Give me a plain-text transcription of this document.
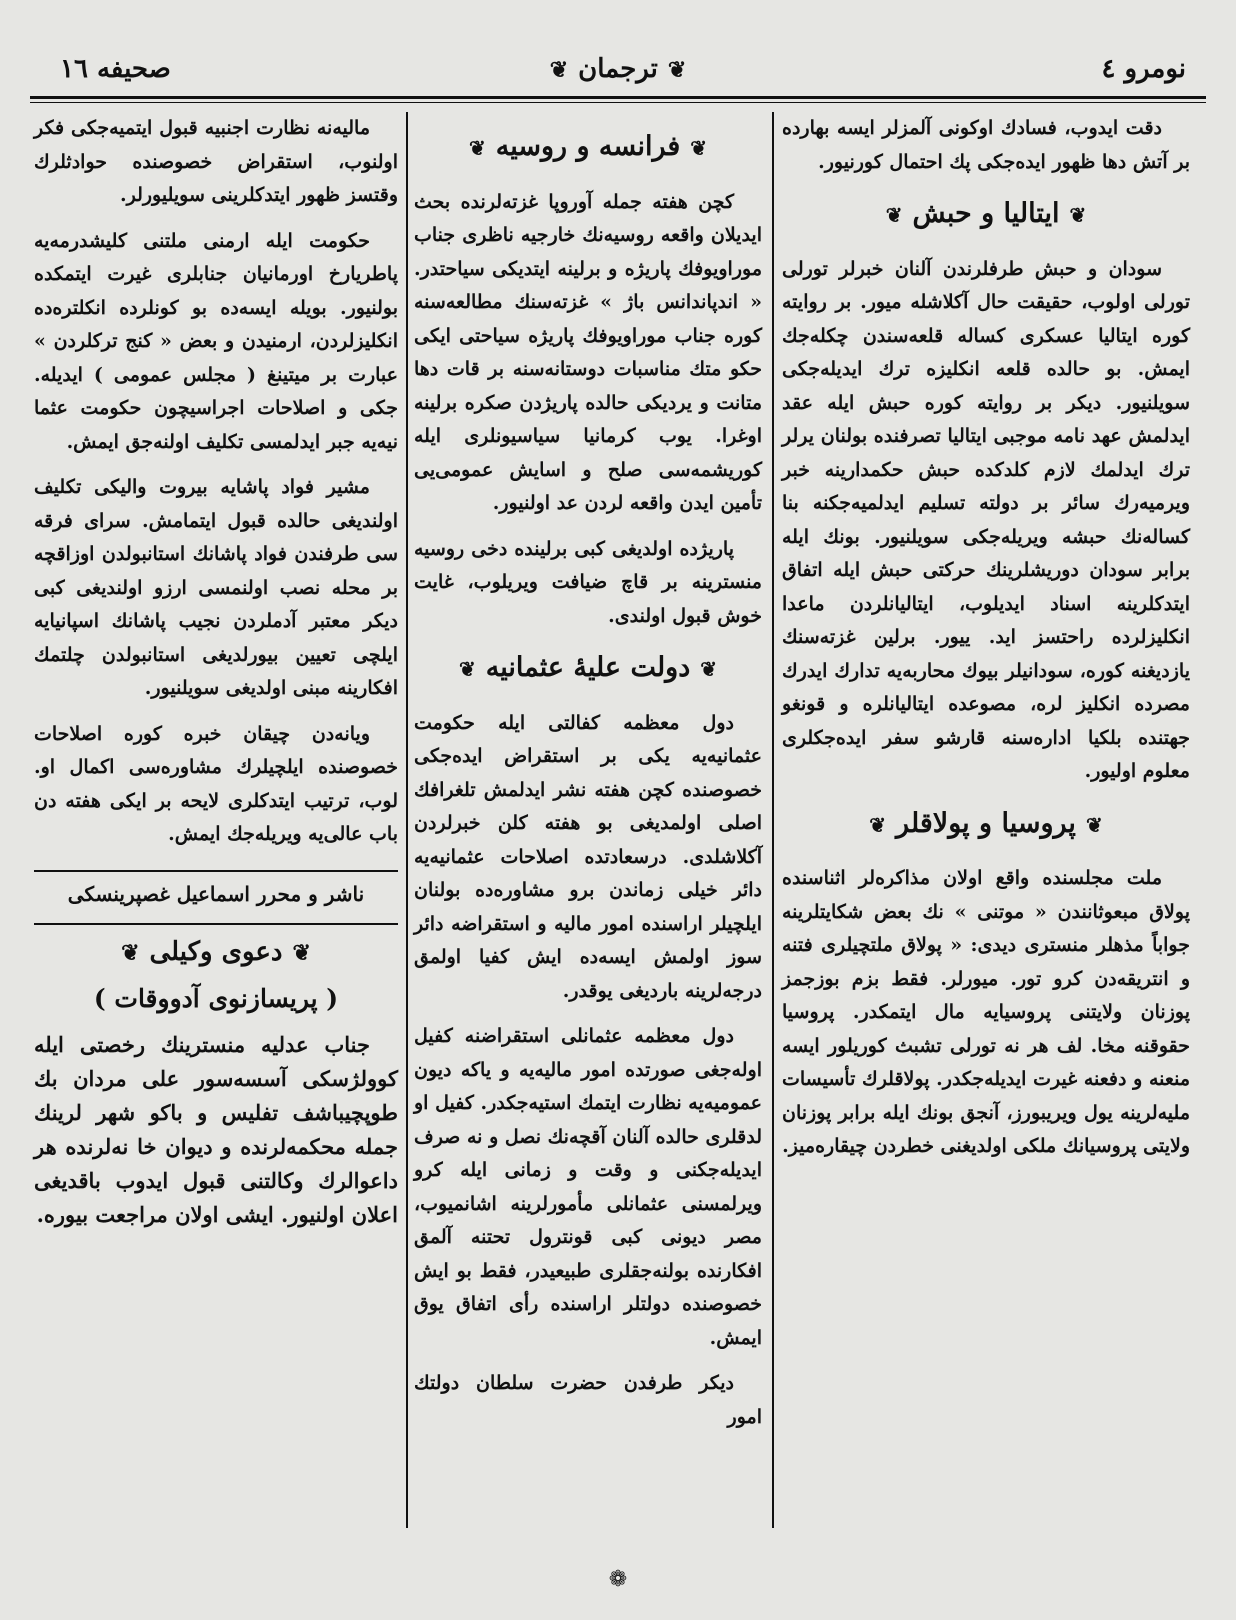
نومرو ٤
❦ترجمان❦
صحیفه ١٦

دقت ایدوب، فسادك اوكونی آلمزلر ایسه بهارده بر آتش دها ظهور ایده‌جكی پك احتمال كورنیور.

❦ایتالیا و حبش❦

سودان و حبش طرفلرندن آلنان خبرلر تورلی تورلی اولوب، حقیقت حال آكلاشله میور. بر روایته كوره ایتالیا عسكری كساله قلعه‌سندن چكله‌جك ایمش. بو حالده قلعه انكلیزه ترك ایدیله‌جكی سویلنیور. دیكر بر روایته كوره حبش ایله عقد ایدلمش عهد نامه موجبی ایتالیا تصرفنده بولنان یرلر ترك ایدلمك لازم كلدكده حبش حكمدارینه خبر ویرمیه‌رك سائر بر دولته تسلیم ایدلمیه‌جكنه بنا كساله‌نك حبشه ویریله‌جكی سویلنیور. بونك ایله برابر سودان دوریشلرینك حركتی حبش ایله اتفاق ایتدكلرینه اسناد ایدیلوب، ایتالیانلردن ماعدا انكلیزلرده راحتسز اید. ییور. برلین غزته‌سنك یازدیغنه كوره، سودانیلر بیوك محاربه‌یه تدارك ایدرك مصرده انكلیز لره، مصوعده ایتالیانلره و قونغو جهتنده بلكیا اداره‌سنه قارشو سفر ایده‌جكلری معلوم اولیور.

❦پروسیا و پولاقلر❦

ملت مجلسنده واقع اولان مذاكره‌لر اثناسنده پولاق مبعوثانندن « موتنی » نك بعض شكایتلرینه جواباً مذهلر منستری دیدی: « پولاق ملتچیلری فتنه و انتریقه‌دن كرو تور. میورلر. فقط بزم بوزجمز پوزنان ولایتنی پروسیایه مال ایتمكدر. پروسیا حقوقنه مخا. لف هر نه تورلی تشبث كوریلور ایسه منعنه و دفعنه غیرت ایدیله‌جكدر. پولاقلرك تأسیسات ملیه‌لرینه یول ویریبورز، آنجق بونك ایله برابر پوزنان ولایتی پروسیانك ملكی اولدیغنی خطردن چیقاره‌میز.

❦فرانسه و روسیه❦

كچن هفته جمله آوروپا غزته‌لرنده بحث ایدیلان واقعه روسیه‌نك خارجیه ناظری جناب موراویوفك پاریژه و برلینه ایتدیكی سیاحتدر. « اندپاندانس باژ » غزته‌سنك مطالعه‌سنه كوره جناب موراویوفك پاریژه سیاحتی ایكی حكو متك مناسبات دوستانه‌سنه بر قات دها متانت و یردیكی حالده پاریژدن صكره برلینه اوغرا. یوب كرمانیا سیاسیونلری ایله كوریشمه‌سی صلح و اسایش عمومی‌یی تأمین ایدن واقعه لردن عد اولنیور.

پاریژده اولدیغی كبی برلینده دخی روسیه منسترینه بر قاچ ضیافت ویریلوب، غایت خوش قبول اولندی.

❦دولت علیهٔ عثمانیه❦

دول معظمه كفالتی ایله حكومت عثمانیه‌یه یكی بر استقراض ایده‌جكی خصوصنده كچن هفته نشر ایدلمش تلغرافك اصلی اولمدیغی بو هفته كلن خبرلردن آكلاشلدی. درسعادتده اصلاحات عثمانیه‌یه دائر خیلی زماندن برو مشاوره‌ده بولنان ایلچیلر اراسنده امور مالیه و استقراضه دائر سوز اولمش ایسه‌ده ایش كفیا اولمق درجه‌لرینه باردیغی یوقدر.

دول معظمه عثمانلی استقراضنه كفیل اوله‌جغی صورتده امور مالیه‌یه و یاكه دیون عمومیه‌یه نظارت ایتمك استیه‌جكدر. كفیل او لدقلری حالده آلنان آقچه‌نك نصل و نه صرف ایدیله‌جكنی و وقت و زمانی ایله كرو ویرلمسنی عثمانلی مأمورلرینه اشانمیوب، مصر دیونی كبی قونترول تحتنه آلمق افكارنده بولنه‌جقلری طبیعیدر، فقط بو ایش خصوصنده دولتلر اراسنده رأی اتفاق یوق ایمش.

دیكر طرفدن حضرت سلطان دولتك امور

مالیه‌نه نظارت اجنبیه قبول ایتمیه‌جكی فكر اولنوب، استقراض خصوصنده حوادثلرك وقتسز ظهور ایتدكلرینی سویلیورلر.

حكومت ایله ارمنی ملتنی كلیشدرمه‌یه پاطریارخ اورمانیان جنابلری غیرت ایتمكده بولنیور. بویله ایسه‌ده بو كونلرده انكلتره‌ده انكلیزلردن، ارمنیدن و بعض « كنج تركلردن » عبارت بر میتینغ ( مجلس عمومی ) ایدیله. جكی و اصلاحات اجراسیچون حكومت عثما نیه‌یه جبر ایدلمسی تكلیف اولنه‌جق ایمش.

مشیر فواد پاشایه بیروت والیكی تكلیف اولندیغی حالده قبول ایتمامش. سرای فرقه سی طرفندن فواد پاشانك استانبولدن اوزاقچه بر محله نصب اولنمسی ارزو اولندیغی كبی دیكر معتبر آدملردن نجیب پاشانك اسپانیایه ایلچی تعیین بیورلدیغی استانبولدن چلتمك افكارینه مبنی اولدیغی سویلنیور.

ویانه‌دن چیقان خبره كوره اصلاحات خصوصنده ایلچیلرك مشاوره‌سی اكمال او. لوب، ترتیب ایتدكلری لایحه بر ایكی هفته دن باب عالی‌یه ویریله‌جك ایمش.

ناشر و محرر اسماعیل غصپرینسكی

❦دعوی وكیلی❦

( پریسازنوی آدووقات )

جناب عدلیه منسترینك رخصتی ایله كوولژسكی آسسه‌سور علی مردان بك طوپچیباشف تفلیس و باكو شهر لرینك جمله محكمه‌لرنده و دیوان خا نه‌لرنده هر داعوالرك وكالتنی قبول ایدوب باقدیغی اعلان اولنیور. ایشی اولان مراجعت بیوره.

❁
